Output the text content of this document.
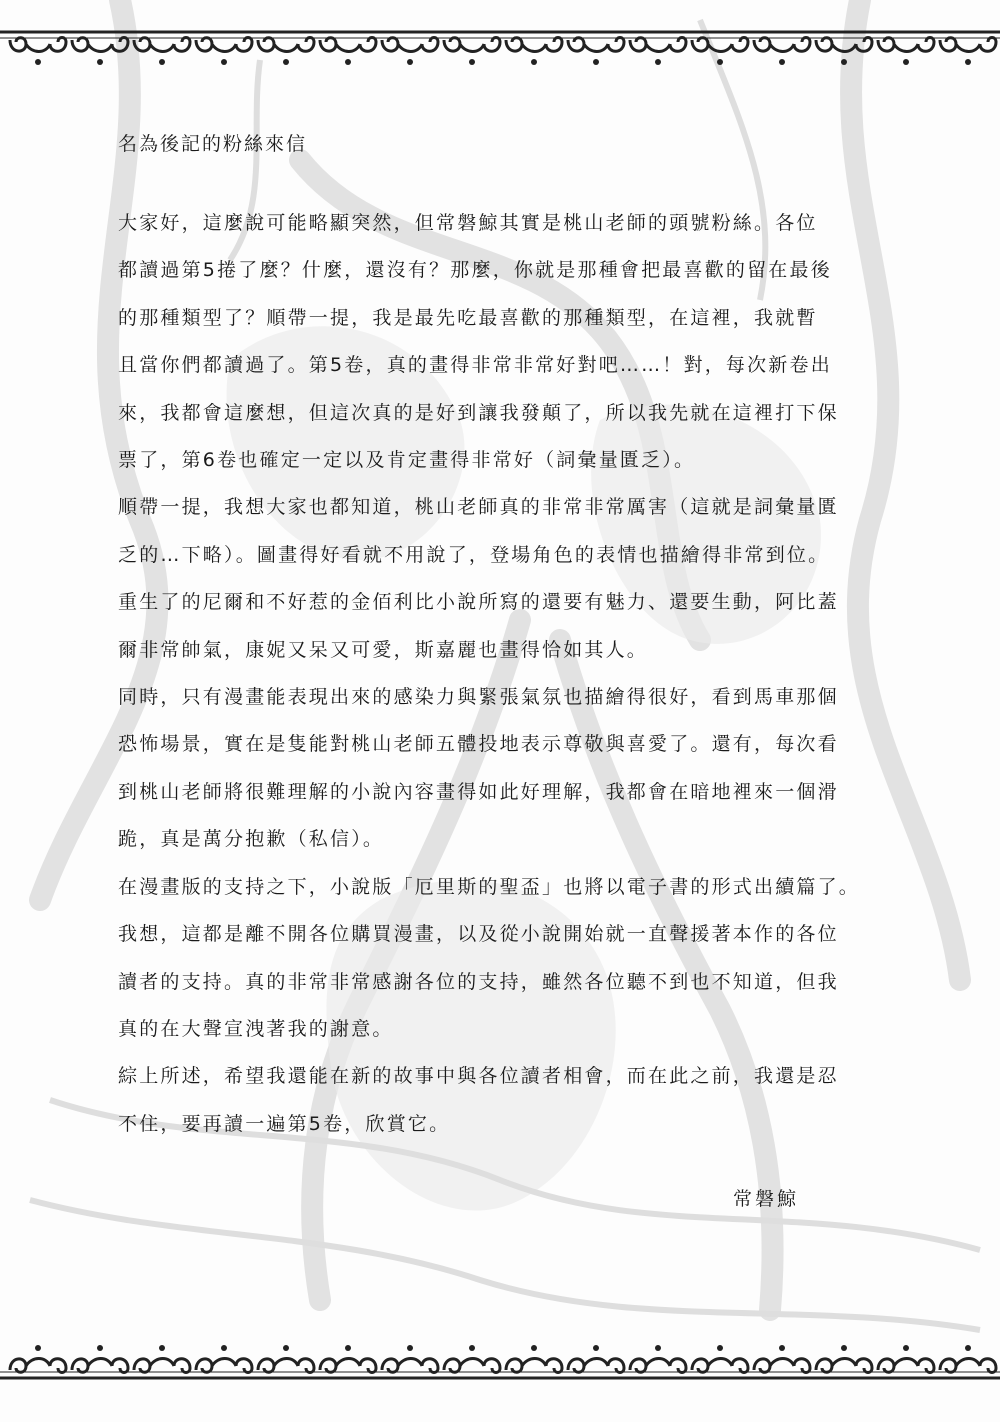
名為後記的粉絲來信

大家好，這麼說可能略顯突然，但常磐鯨其實是桃山老師的頭號粉絲。各位
都讀過第5捲了麼？什麼，還沒有？那麼，你就是那種會把最喜歡的留在最後
的那種類型了？順帶一提，我是最先吃最喜歡的那種類型，在這裡，我就暫
且當你們都讀過了。第5卷，真的畫得非常非常好對吧……！對，每次新卷出
來，我都會這麼想，但這次真的是好到讓我發顛了，所以我先就在這裡打下保
票了，第6卷也確定一定以及肯定畫得非常好（詞彙量匱乏）。

順帶一提，我想大家也都知道，桃山老師真的非常非常厲害（這就是詞彙量匱
乏的…下略）。圖畫得好看就不用說了，登場角色的表情也描繪得非常到位。
重生了的尼爾和不好惹的金佰利比小說所寫的還要有魅力、還要生動，阿比蓋
爾非常帥氣，康妮又呆又可愛，斯嘉麗也畫得恰如其人。

同時，只有漫畫能表現出來的感染力與緊張氣氛也描繪得很好，看到馬車那個
恐怖場景，實在是隻能對桃山老師五體投地表示尊敬與喜愛了。還有，每次看
到桃山老師將很難理解的小說內容畫得如此好理解，我都會在暗地裡來一個滑
跪，真是萬分抱歉（私信）。

在漫畫版的支持之下，小說版「厄里斯的聖盃」也將以電子書的形式出續篇了。
我想，這都是離不開各位購買漫畫，以及從小說開始就一直聲援著本作的各位
讀者的支持。真的非常非常感謝各位的支持，雖然各位聽不到也不知道，但我
真的在大聲宣洩著我的謝意。

綜上所述，希望我還能在新的故事中與各位讀者相會，而在此之前，我還是忍
不住，要再讀一遍第5卷，欣賞它。

常磐鯨
